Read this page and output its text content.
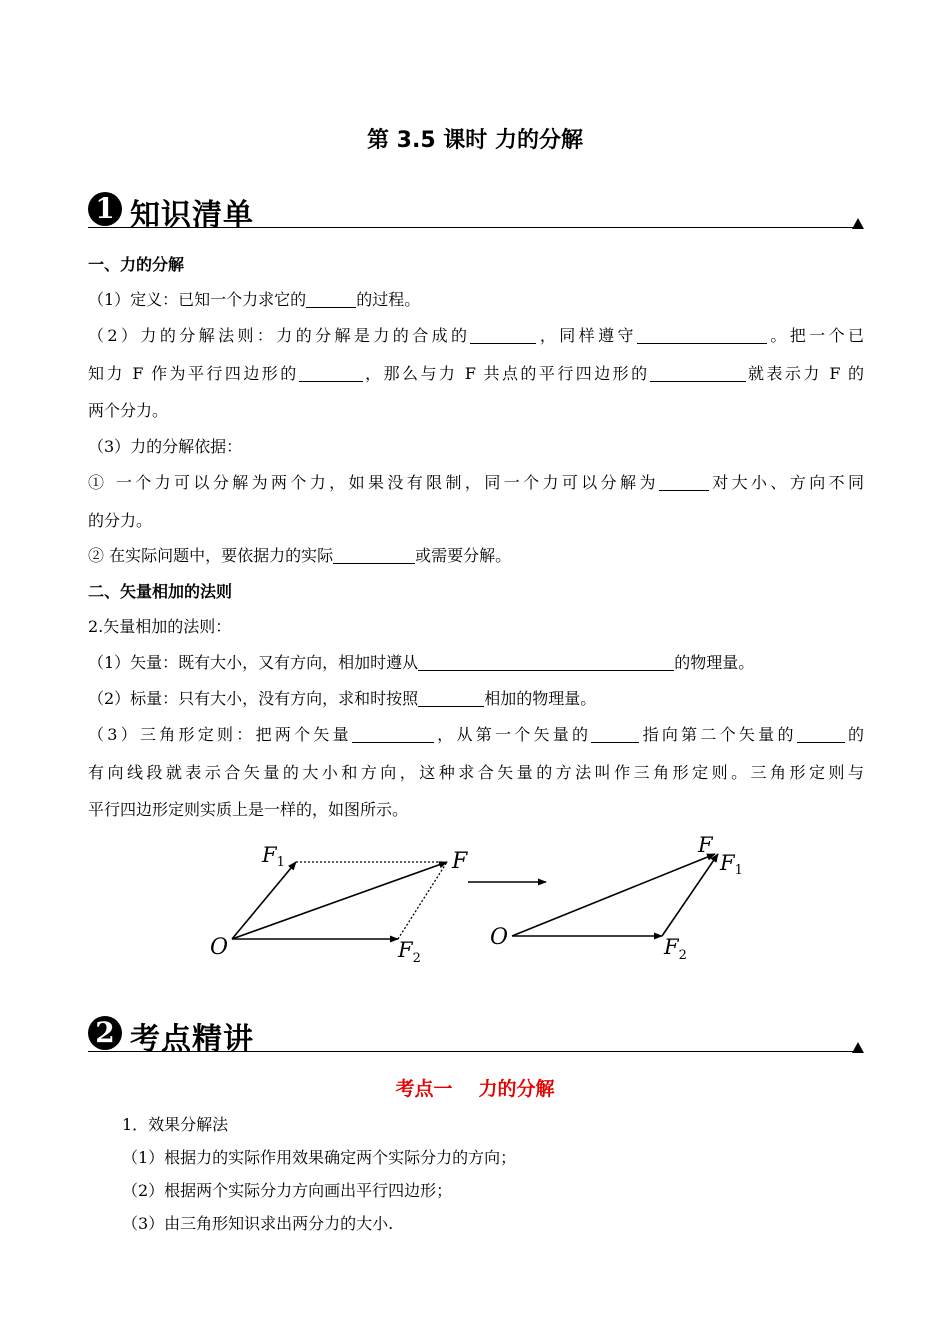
第 3.5 课时 力的分解
1 知识清单
一、力的分解
（1）定义：已知一个力求它的	的过程。
（2）力的分解法则：力的分解是力的合成的	，同样遵守	。把一个已
知力 F 作为平行四边形的	，那么与力 F 共点的平行四边形的	就表示力 F 的
两个分力。
（3）力的分解依据：
① 一个力可以分解为两个力，如果没有限制，同一个力可以分解为	对大小、方向不同
的分力。
② 在实际问题中，要依据力的实际	或需要分解。
二、矢量相加的法则
2.矢量相加的法则：
（1）矢量：既有大小，又有方向，相加时遵从	的物理量。
（2）标量：只有大小，没有方向，求和时按照	相加的物理量。
（3）三角形定则：把两个矢量	，从第一个矢量的	指向第二个矢量的	的
有向线段就表示合矢量的大小和方向，这种求合矢量的方法叫作三角形定则。三角形定则与
平行四边形定则实质上是一样的，如图所示。
O
F1	F
$F_2$
O
F
F1
$F_2$
2 考点精讲
考点一 力的分解
1．效果分解法
（1）根据力的实际作用效果确定两个实际分力的方向；
（2）根据两个实际分力方向画出平行四边形；
（3）由三角形知识求出两分力的大小.
